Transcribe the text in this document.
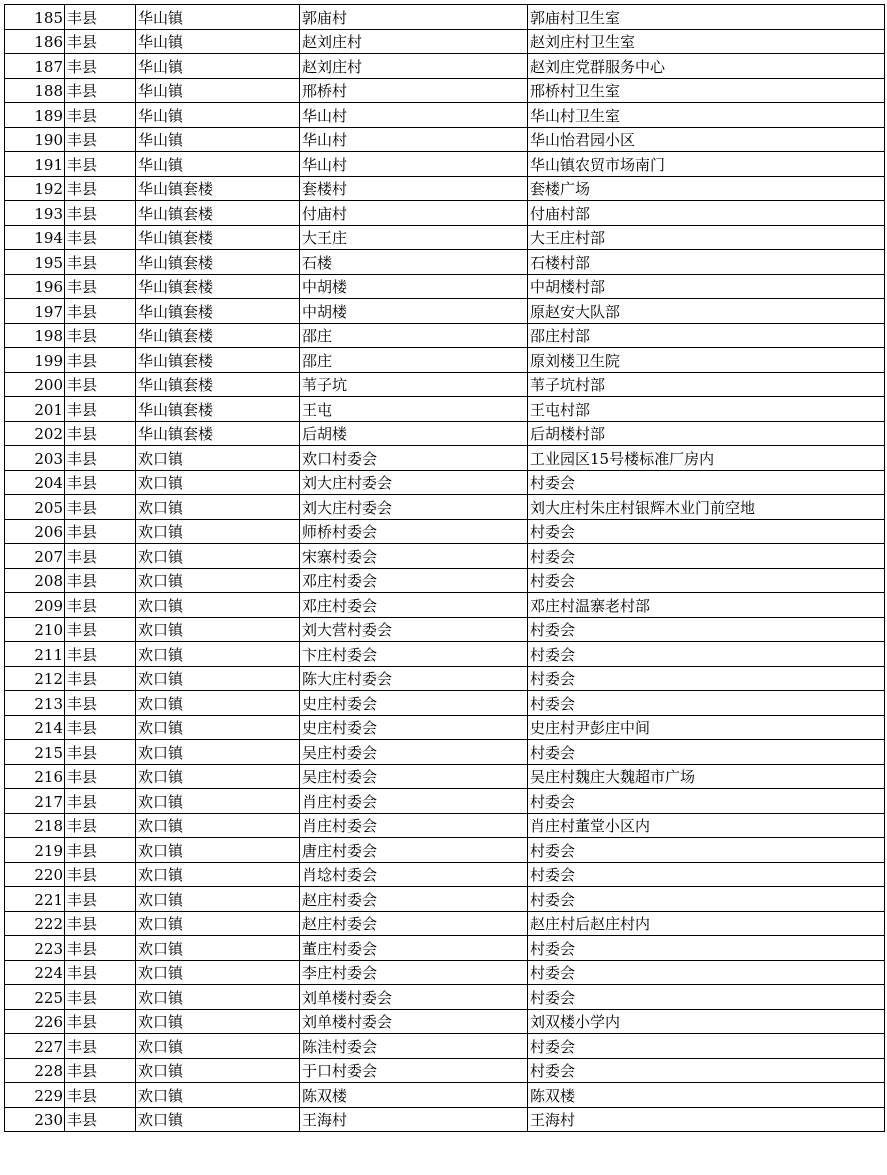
185	丰县	华山镇	郭庙村	郭庙村卫生室
186	丰县	华山镇	赵刘庄村	赵刘庄村卫生室
187	丰县	华山镇	赵刘庄村	赵刘庄党群服务中心
188	丰县	华山镇	邢桥村	邢桥村卫生室
189	丰县	华山镇	华山村	华山村卫生室
190	丰县	华山镇	华山村	华山怡君园小区
191	丰县	华山镇	华山村	华山镇农贸市场南门
192	丰县	华山镇套楼	套楼村	套楼广场
193	丰县	华山镇套楼	付庙村	付庙村部
194	丰县	华山镇套楼	大王庄	大王庄村部
195	丰县	华山镇套楼	石楼	石楼村部
196	丰县	华山镇套楼	中胡楼	中胡楼村部
197	丰县	华山镇套楼	中胡楼	原赵安大队部
198	丰县	华山镇套楼	邵庄	邵庄村部
199	丰县	华山镇套楼	邵庄	原刘楼卫生院
200	丰县	华山镇套楼	苇子坑	苇子坑村部
201	丰县	华山镇套楼	王屯	王屯村部
202	丰县	华山镇套楼	后胡楼	后胡楼村部
203	丰县	欢口镇	欢口村委会	工业园区15号楼标准厂房内
204	丰县	欢口镇	刘大庄村委会	村委会
205	丰县	欢口镇	刘大庄村委会	刘大庄村朱庄村银辉木业门前空地
206	丰县	欢口镇	师桥村委会	村委会
207	丰县	欢口镇	宋寨村委会	村委会
208	丰县	欢口镇	邓庄村委会	村委会
209	丰县	欢口镇	邓庄村委会	邓庄村温寨老村部
210	丰县	欢口镇	刘大营村委会	村委会
211	丰县	欢口镇	卞庄村委会	村委会
212	丰县	欢口镇	陈大庄村委会	村委会
213	丰县	欢口镇	史庄村委会	村委会
214	丰县	欢口镇	史庄村委会	史庄村尹彭庄中间
215	丰县	欢口镇	吴庄村委会	村委会
216	丰县	欢口镇	吴庄村委会	吴庄村魏庄大魏超市广场
217	丰县	欢口镇	肖庄村委会	村委会
218	丰县	欢口镇	肖庄村委会	肖庄村董堂小区内
219	丰县	欢口镇	唐庄村委会	村委会
220	丰县	欢口镇	肖埝村委会	村委会
221	丰县	欢口镇	赵庄村委会	村委会
222	丰县	欢口镇	赵庄村委会	赵庄村后赵庄村内
223	丰县	欢口镇	董庄村委会	村委会
224	丰县	欢口镇	李庄村委会	村委会
225	丰县	欢口镇	刘单楼村委会	村委会
226	丰县	欢口镇	刘单楼村委会	刘双楼小学内
227	丰县	欢口镇	陈洼村委会	村委会
228	丰县	欢口镇	于口村委会	村委会
229	丰县	欢口镇	陈双楼	陈双楼
230	丰县	欢口镇	王海村	王海村
